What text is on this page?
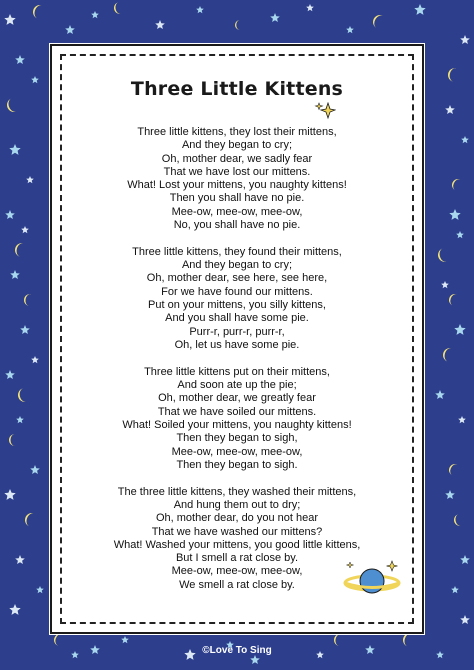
Three Little Kittens
Three little kittens, they lost their mittens,
And they began to cry;
Oh, mother dear, we sadly fear
That we have lost our mittens.
What! Lost your mittens, you naughty kittens!
Then you shall have no pie.
Mee-ow, mee-ow, mee-ow,
No, you shall have no pie.
Three little kittens, they found their mittens,
And they began to cry;
Oh, mother dear, see here, see here,
For we have found our mittens.
Put on your mittens, you silly kittens,
And you shall have some pie.
Purr-r, purr-r, purr-r,
Oh, let us have some pie.
Three little kittens put on their mittens,
And soon ate up the pie;
Oh, mother dear, we greatly fear
That we have soiled our mittens.
What! Soiled your mittens, you naughty kittens!
Then they began to sigh,
Mee-ow, mee-ow, mee-ow,
Then they began to sigh.
The three little kittens, they washed their mittens,
And hung them out to dry;
Oh, mother dear, do you not hear
That we have washed our mittens?
What! Washed your mittens, you good little kittens,
But I smell a rat close by.
Mee-ow, mee-ow, mee-ow,
We smell a rat close by.
©Love To Sing
